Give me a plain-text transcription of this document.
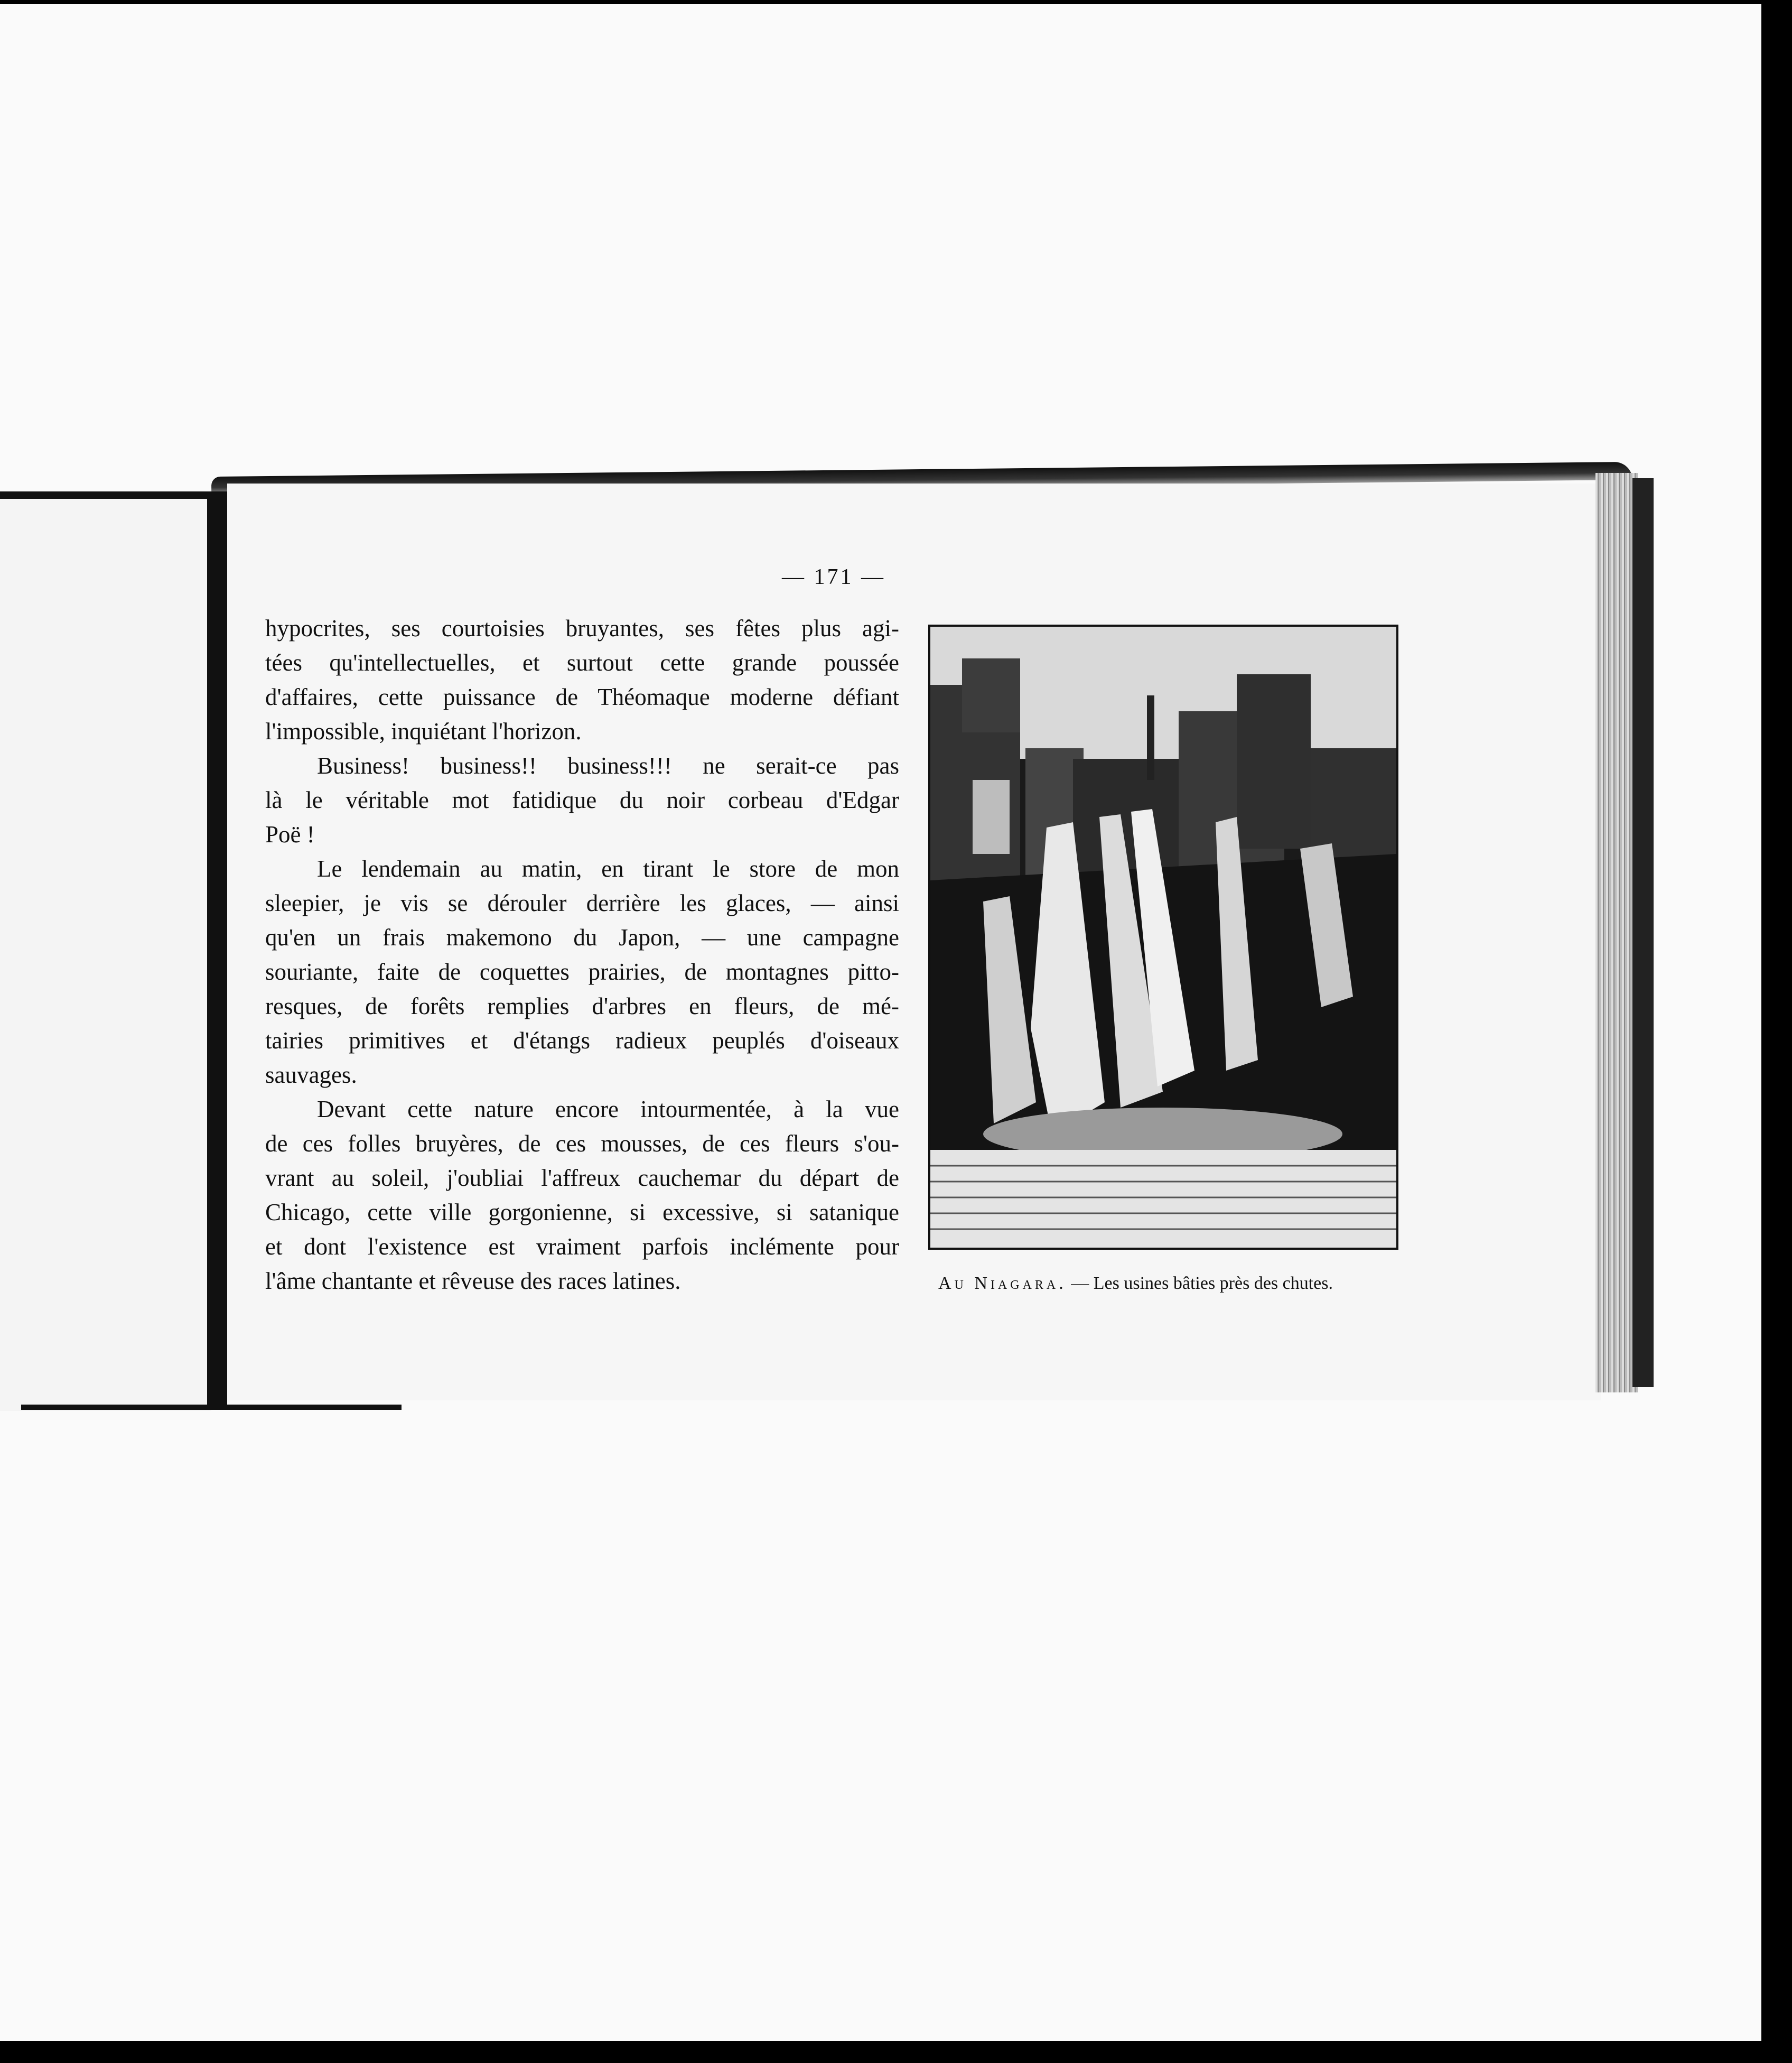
— 171 —
hypocrites, ses courtoisies bruyantes, ses fêtes plus agi-
tées qu'intellectuelles, et surtout cette grande poussée
d'affaires, cette puissance de Théomaque moderne défiant
l'impossible, inquiétant l'horizon.
Business! business!! business!!! ne serait-ce pas
là le véritable mot fatidique du noir corbeau d'Edgar
Poë !
Le lendemain au matin, en tirant le store de mon
sleepier, je vis se dérouler derrière les glaces, — ainsi
qu'en un frais makemono du Japon, — une campagne
souriante, faite de coquettes prairies, de montagnes pitto-
resques, de forêts remplies d'arbres en fleurs, de mé-
tairies primitives et d'étangs radieux peuplés d'oiseaux
sauvages.
Devant cette nature encore intourmentée, à la vue
de ces folles bruyères, de ces mousses, de ces fleurs s'ou-
vrant au soleil, j'oubliai l'affreux cauchemar du départ de
Chicago, cette ville gorgonienne, si excessive, si satanique
et dont l'existence est vraiment parfois inclémente pour
l'âme chantante et rêveuse des races latines.	Au Niagara. — Les usines bâties près des chutes.
